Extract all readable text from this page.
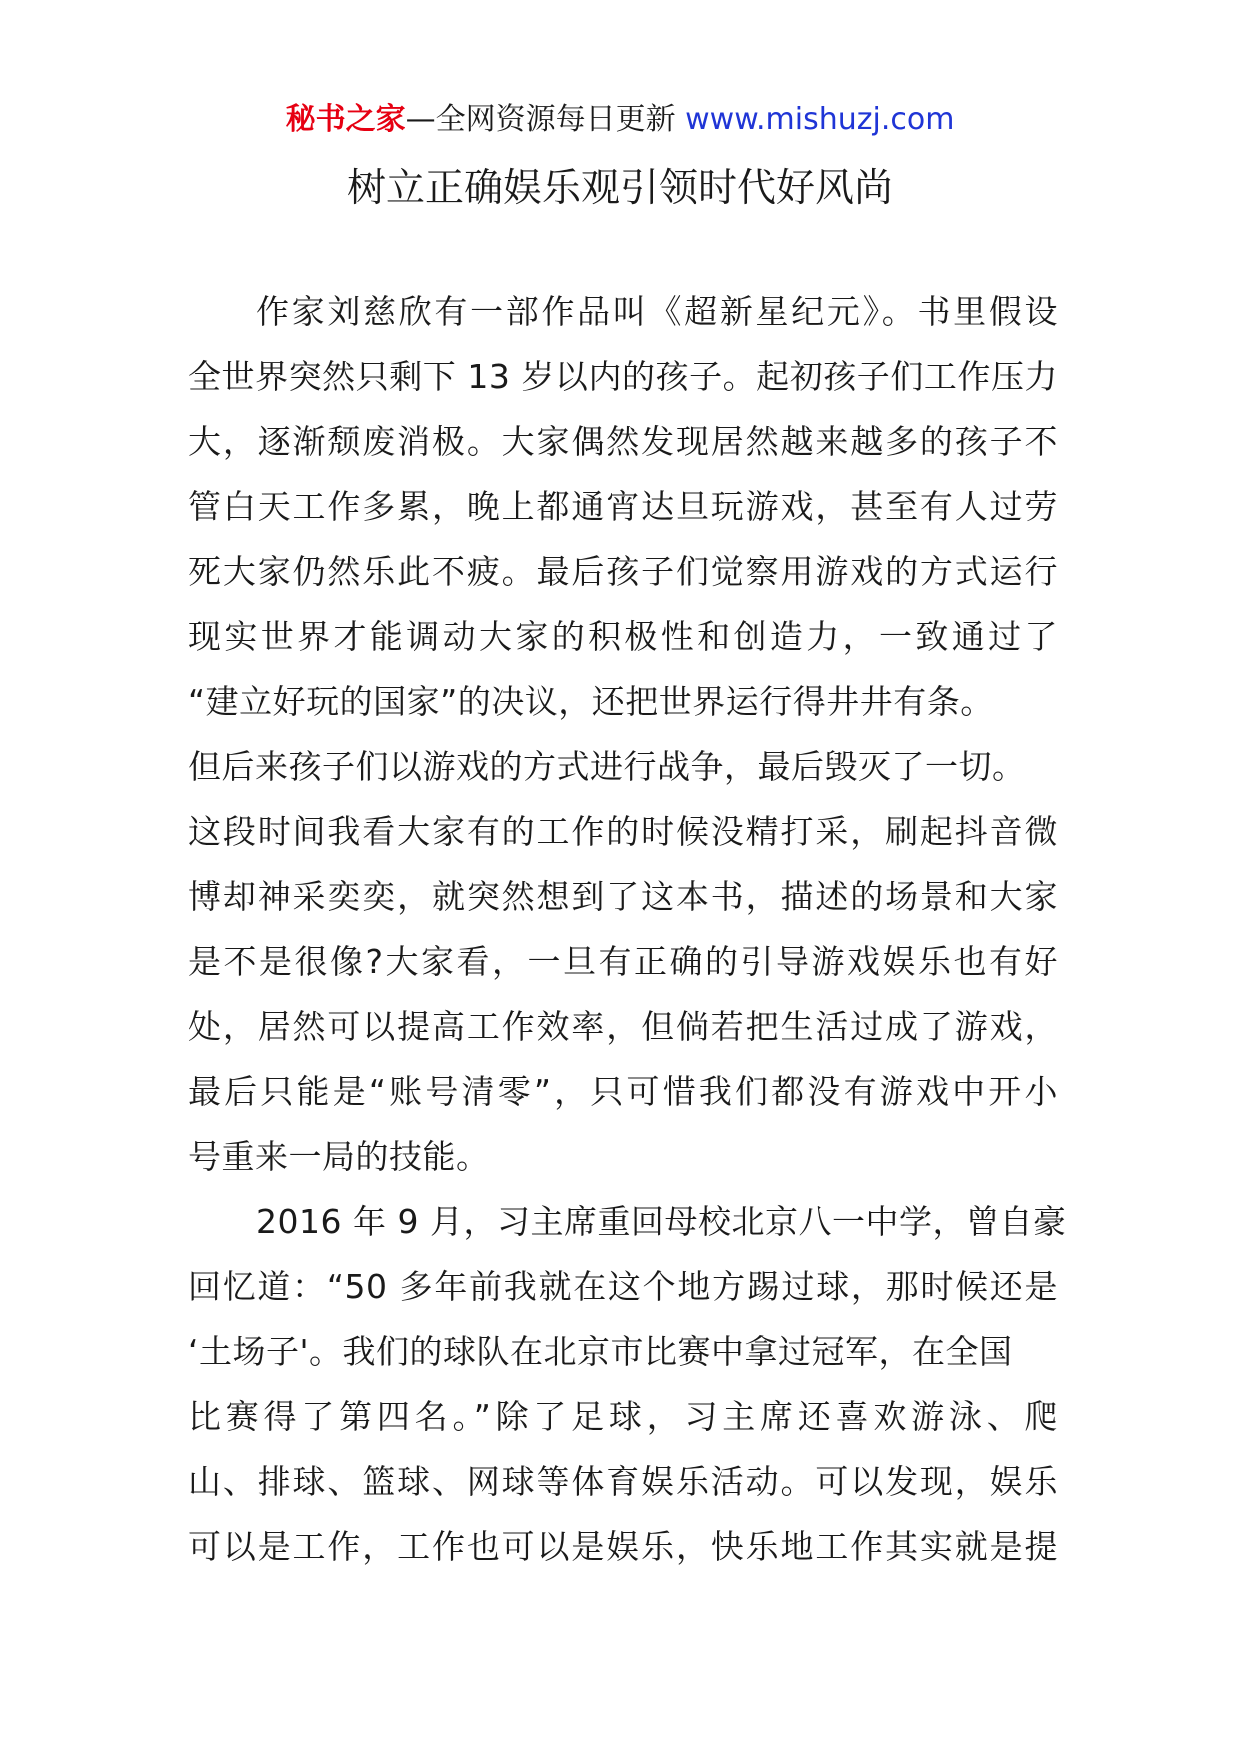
秘书之家—全网资源每日更新 www.mishuzj.com
树立正确娱乐观引领时代好风尚
作家刘慈欣有一部作品叫《超新星纪元》。书里假设
全世界突然只剩下 13 岁以内的孩子。起初孩子们工作压力
大，逐渐颓废消极。大家偶然发现居然越来越多的孩子不
管白天工作多累，晚上都通宵达旦玩游戏，甚至有人过劳
死大家仍然乐此不疲。最后孩子们觉察用游戏的方式运行
现实世界才能调动大家的积极性和创造力，一致通过了
“建立好玩的国家”的决议，还把世界运行得井井有条。
但后来孩子们以游戏的方式进行战争，最后毁灭了一切。
这段时间我看大家有的工作的时候没精打采，刷起抖音微
博却神采奕奕，就突然想到了这本书，描述的场景和大家
是不是很像?大家看，一旦有正确的引导游戏娱乐也有好
处，居然可以提高工作效率，但倘若把生活过成了游戏，
最后只能是“账号清零”，只可惜我们都没有游戏中开小
号重来一局的技能。
2016 年 9 月，习主席重回母校北京八一中学，曾自豪
回忆道：“50 多年前我就在这个地方踢过球，那时候还是
‘土场子'。我们的球队在北京市比赛中拿过冠军，在全国
比赛得了第四名。”除了足球，习主席还喜欢游泳、爬
山、排球、篮球、网球等体育娱乐活动。可以发现，娱乐
可以是工作，工作也可以是娱乐，快乐地工作其实就是提
